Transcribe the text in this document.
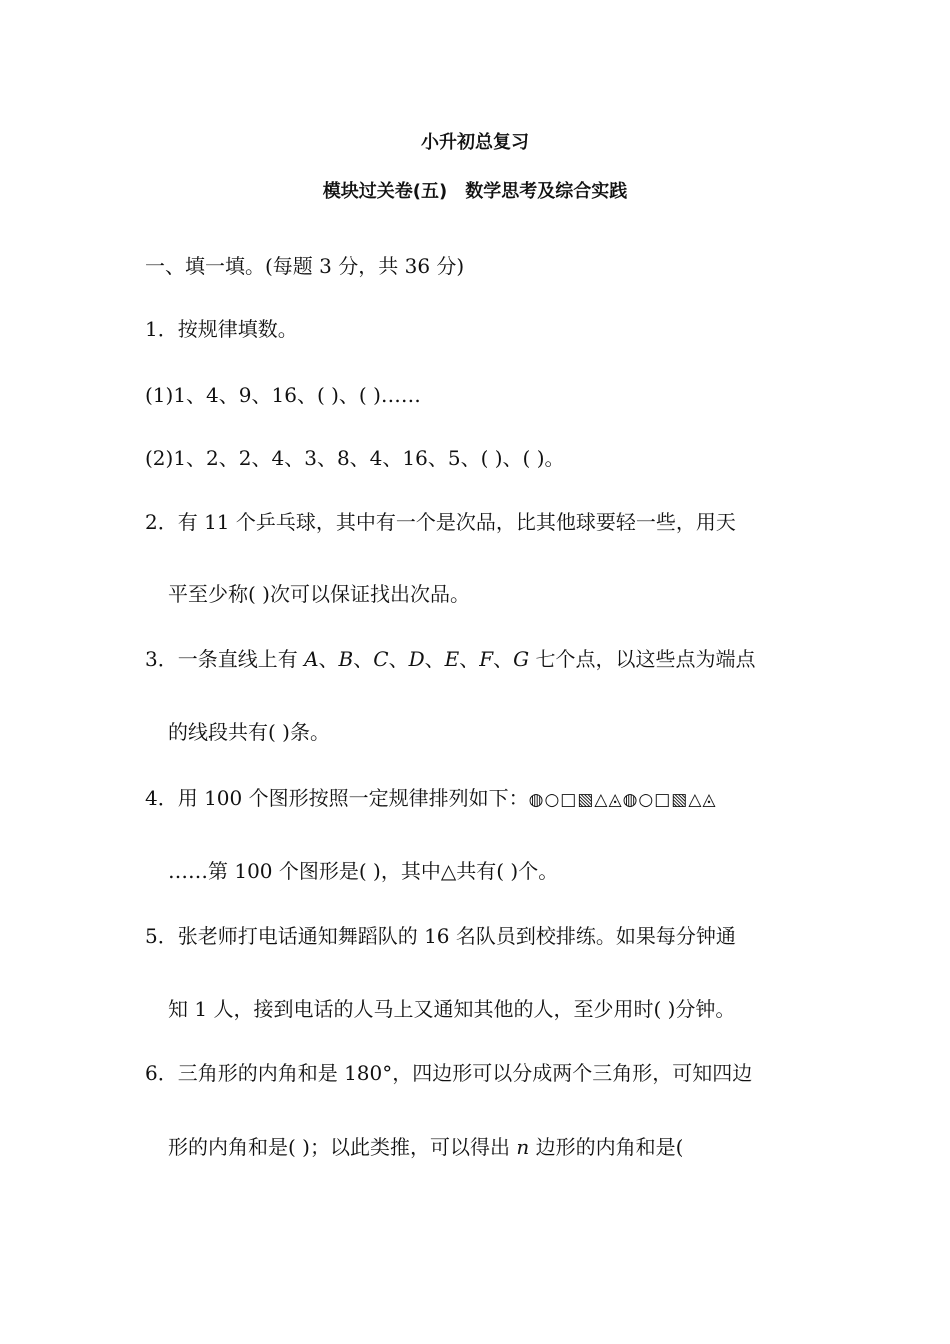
小升初总复习
模块过关卷(五) 数学思考及综合实践
一、填一填。(每题 3 分，共 36 分)
1．按规律填数。
(1)1、4、9、16、( )、( )……
(2)1、2、2、4、3、8、4、16、5、( )、( )。
2．有 11 个乒乓球，其中有一个是次品，比其他球要轻一些，用天
平至少称( )次可以保证找出次品。
3．一条直线上有 A、B、C、D、E、F、G 七个点，以这些点为端点
的线段共有( )条。
4．用 100 个图形按照一定规律排列如下：◍○□▧△◬◍○□▧△◬
……第 100 个图形是( )，其中△共有( )个。
5．张老师打电话通知舞蹈队的 16 名队员到校排练。如果每分钟通
知 1 人，接到电话的人马上又通知其他的人，至少用时( )分钟。
6．三角形的内角和是 180°，四边形可以分成两个三角形，可知四边
形的内角和是( )；以此类推，可以得出 n 边形的内角和是(
